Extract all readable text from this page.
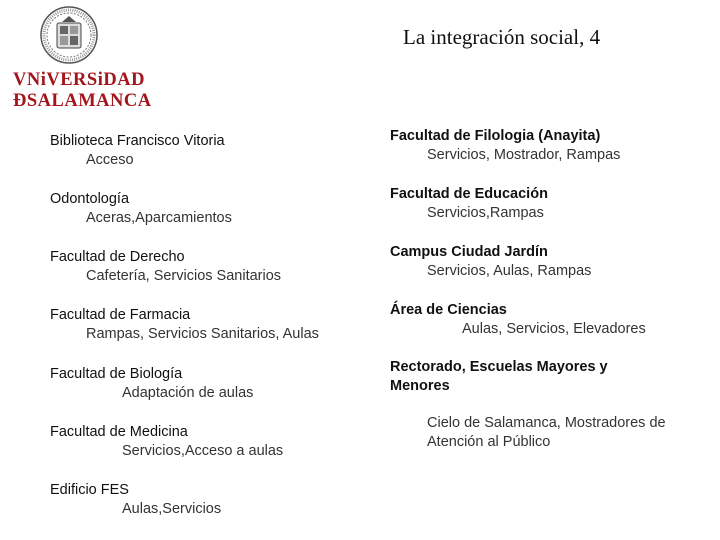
VNiVERSiDAD
ÐSALAMANCA
La integración social, 4
Biblioteca Francisco Vitoria
Acceso
Odontología
Aceras,Aparcamientos
Facultad de Derecho
Cafetería, Servicios Sanitarios
Facultad de Farmacia
Rampas, Servicios Sanitarios, Aulas
Facultad de Biología
Adaptación de aulas
Facultad de Medicina
Servicios,Acceso a aulas
Edificio FES
Aulas,Servicios
Facultad de Filologia (Anayita)
Servicios, Mostrador, Rampas
Facultad de Educación
Servicios,Rampas
Campus Ciudad Jardín
Servicios, Aulas, Rampas
Área de Ciencias
Aulas, Servicios, Elevadores
Rectorado, Escuelas Mayores y Menores
Cielo de Salamanca, Mostradores de Atención al Público
